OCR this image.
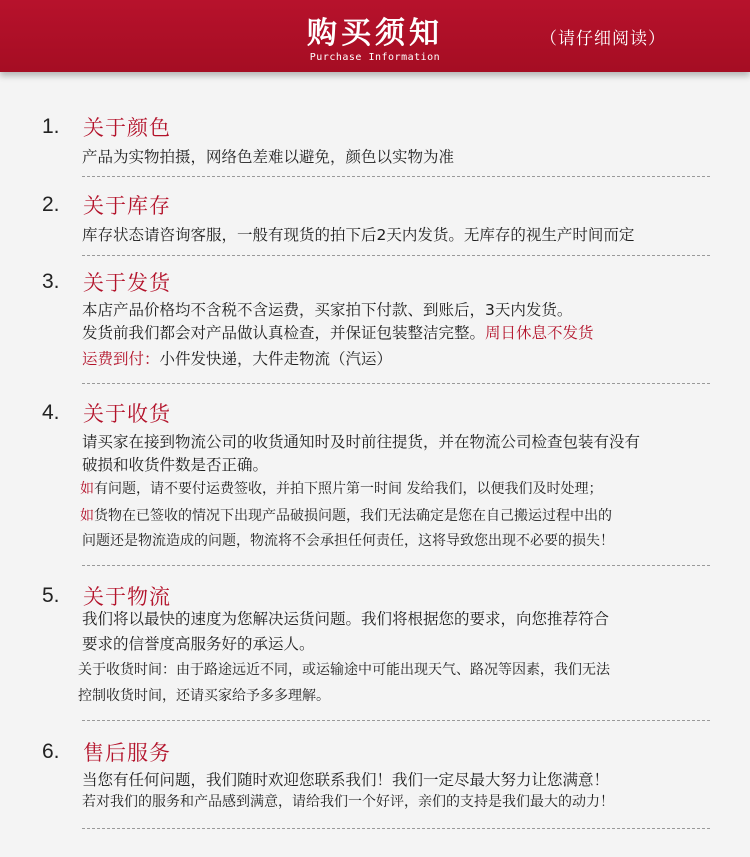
购买须知
Purchase Information
（请仔细阅读）
1. 关于颜色
产品为实物拍摄，网络色差难以避免，颜色以实物为准
2. 关于库存
库存状态请咨询客服，一般有现货的拍下后2天内发货。无库存的视生产时间而定
3. 关于发货
本店产品价格均不含税不含运费，买家拍下付款、到账后，3天内发货。
发货前我们都会对产品做认真检查，并保证包装整洁完整。周日休息不发货
运费到付：小件发快递，大件走物流（汽运）
4. 关于收货
请买家在接到物流公司的收货通知时及时前往提货，并在物流公司检查包装有没有
破损和收货件数是否正确。
如有问题，请不要付运费签收，并拍下照片第一时间 发给我们，以便我们及时处理；
如货物在已签收的情况下出现产品破损问题，我们无法确定是您在自己搬运过程中出的
问题还是物流造成的问题，物流将不会承担任何责任，这将导致您出现不必要的损失！
5. 关于物流
我们将以最快的速度为您解决运货问题。我们将根据您的要求，向您推荐符合
要求的信誉度高服务好的承运人。
关于收货时间：由于路途远近不同，或运输途中可能出现天气、路况等因素，我们无法
控制收货时间，还请买家给予多多理解。
6. 售后服务
当您有任何问题，我们随时欢迎您联系我们！我们一定尽最大努力让您满意！
若对我们的服务和产品感到满意，请给我们一个好评，亲们的支持是我们最大的动力！
